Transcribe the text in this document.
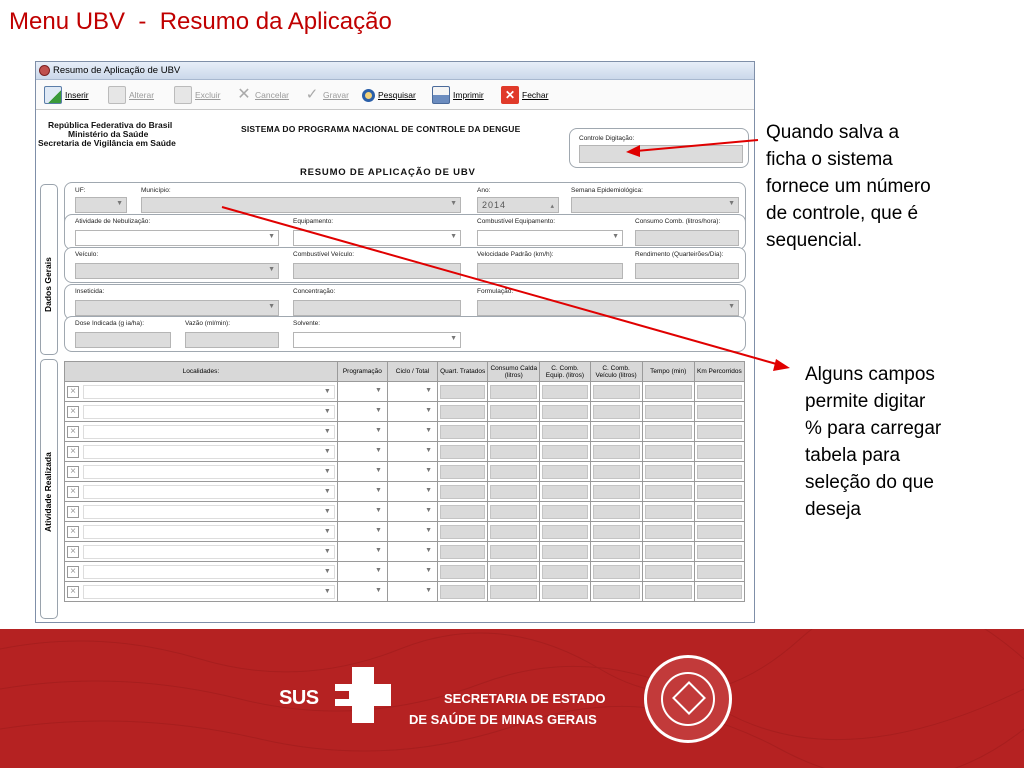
Menu UBV  -  Resumo da Aplicação
Resumo de Aplicação de UBV
Inserir	Alterar	Excluir ✕ Cancelar ✓ Gravar	Pesquisar	Imprimir	✕ Fechar
República Federativa do Brasil
Ministério da Saúde
Secretaria de Vigilância em Saúde
SISTEMA DO PROGRAMA NACIONAL DE CONTROLE DA DENGUE
Controle Digitação:
RESUMO DE APLICAÇÃO DE UBV
Dados Gerais
UF:
▼
Município:
▼
Ano:
2014	▴
Semana Epidemiológica:
▼
Atividade de Nebulização:
▼
Equipamento:
▼
Combustível Equipamento:
▼
Consumo Comb. (litros/hora):
Veículo:
▼
Combustível Veículo:	Velocidade Padrão (km/h):	Rendimento (Quarteirões/Dia):
Inseticida:
▼
Concentração:	Formulação:
▼
Dose Indicada (g ia/ha):	Vazão (ml/min):	Solvente:
▼
Atividade Realizada
Localidades:	Programação	Ciclo / Total	Quart. Tratados	Consumo Calda (litros)	C. Comb. Equip. (litros)	C. Comb. Veículo (litros)	Tempo (min)	Km Percorridos

× ▼	▼	▼						

× ▼	▼	▼						

× ▼	▼	▼						

× ▼	▼	▼						

× ▼	▼	▼						

× ▼	▼	▼						

× ▼	▼	▼						

× ▼	▼	▼						

× ▼	▼	▼						

× ▼	▼	▼						

× ▼	▼	▼						

Quando salva a
ficha o sistema
fornece um número
de controle, que é
sequencial.
Alguns campos
permite digitar
% para carregar
tabela para
seleção do que
deseja
SUS	SECRETARIA DE ESTADO
DE SAÚDE DE MINAS GERAIS
